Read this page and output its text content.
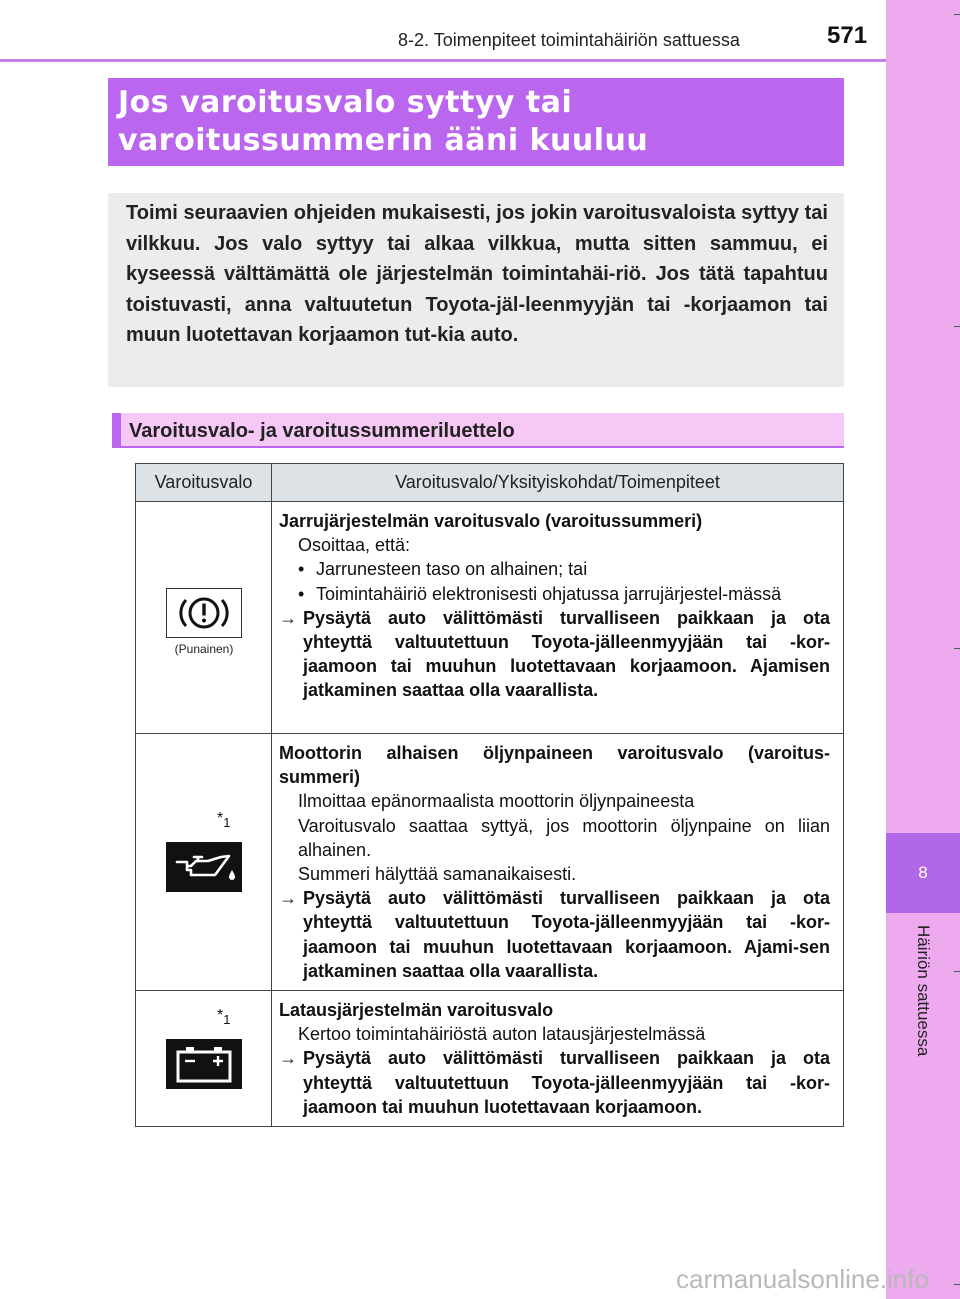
8
Häiriön sattuessa
8-2. Toimenpiteet toimintahäiriön sattuessa	571
Jos varoitusvalo syttyy tai
varoitussummerin ääni kuuluu

Toimi seuraavien ohjeiden mukaisesti, jos jokin varoitusvaloista syttyy tai vilkkuu. Jos valo syttyy tai alkaa vilkkua, mutta sitten sammuu, ei kyseessä välttämättä ole järjestelmän toimintahäi-riö. Jos tätä tapahtuu toistuvasti, anna valtuutetun Toyota-jäl-leenmyyjän tai -korjaamon tai muun luotettavan korjaamon tut-kia auto.

Varoitusvalo- ja varoitussummeriluettelo
Varoitusvalo	Varoitusvalo/Yksityiskohdat/Toimenpiteet

(Punainen)	Jarrujärjestelmän varoitusvalo (varoitussummeri)
Osoittaa, että:
• Jarrunesteen taso on alhainen; tai
• Toimintahäiriö elektronisesti ohjatussa jarrujärjestel-mässä
→ Pysäytä auto välittömästi turvalliseen paikkaan ja ota yhteyttä valtuutettuun Toyota-jälleenmyyjään tai -kor-jaamoon tai muuhun luotettavaan korjaamoon. Ajamisen jatkaminen saattaa olla vaarallista.

$*_1$	Moottorin alhaisen öljynpaineen varoitusvalo (varoitus-summeri)
Ilmoittaa epänormaalista moottorin öljynpaineesta
Varoitusvalo saattaa syttyä, jos moottorin öljynpaine on liian alhainen.
Summeri hälyttää samanaikaisesti.
→ Pysäytä auto välittömästi turvalliseen paikkaan ja ota yhteyttä valtuutettuun Toyota-jälleenmyyjään tai -kor-jaamoon tai muuhun luotettavaan korjaamoon. Ajami-sen jatkaminen saattaa olla vaarallista.

$*_1$	Latausjärjestelmän varoitusvalo
Kertoo toimintahäiriöstä auton latausjärjestelmässä
→ Pysäytä auto välittömästi turvalliseen paikkaan ja ota yhteyttä valtuutettuun Toyota-jälleenmyyjään tai -kor-jaamoon tai muuhun luotettavaan korjaamoon.
carmanualsonline.info
